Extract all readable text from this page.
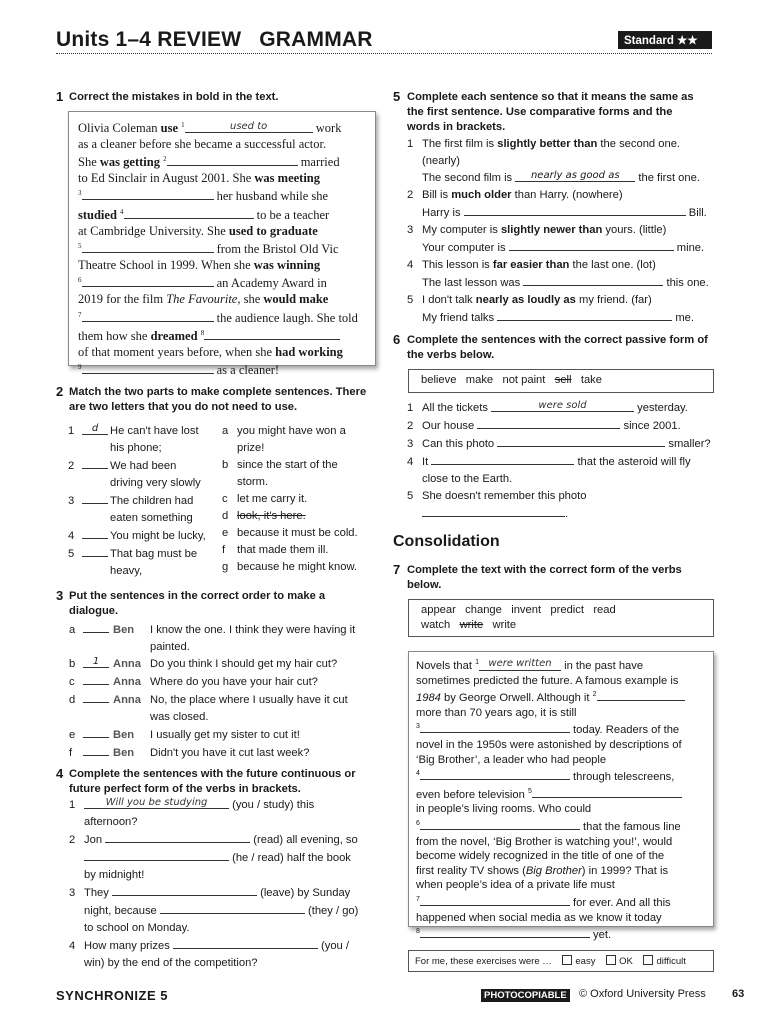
Units 1–4 REVIEW GRAMMAR	Standard ★★
1 Correct the mistakes in bold in the text.
Olivia Coleman use $^1$	$^{used to}$	work
as a cleaner before she became a successful actor.
She was getting $^2$	married
to Ed Sinclair in August 2001. She was meeting
$^3$	her husband while she
studied $^4$	to be a teacher
at Cambridge University. She used to graduate
$^5$	from the Bristol Old Vic
Theatre School in 1999. When she was winning
$^6$	an Academy Award in
2019 for the film The Favourite, she would make
$^7$	the audience laugh. She told
them how she dreamed $^8$
of that moment years before, when she had working
$^9$	as a cleaner!
2 Match the two parts to make complete sentences. There are two letters that you do not need to use.
1 d He can't have lost
his phone;
2	We had been
driving very slowly
3	The children had
eaten something
4	You might be lucky,
5	That bag must be
heavy,
a you might have won a
prize!
b since the start of the
storm.
c let me carry it.
d look, it's here.
e because it must be cold.
f that made them ill.
g because he might know.
3 Put the sentences in the correct order to make a dialogue.
a	Ben I know the one. I think they were having it
painted.
b 1 Anna Do you think I should get my hair cut?
c	Anna Where do you have your hair cut?
d	Anna No, the place where I usually have it cut
was closed.
e	Ben I usually get my sister to cut it!
f	Ben Didn't you have it cut last week?
4 Complete the sentences with the future continuous or future perfect form of the verbs in brackets.
1	Will you be studying (you / study) this
afternoon?
2 Jon	(read) all evening, so
(he / read) half the book
by midnight!
3 They	(leave) by Sunday
night, because	(they / go)
to school on Monday.
4 How many prizes	(you /
win) by the end of the competition?
5 Complete each sentence so that it means the same as the first sentence. Use comparative forms and the words in brackets.
1 The first film is slightly better than the second one.
(nearly)
The second film is nearly as good as the first one.
2 Bill is much older than Harry. (nowhere)
Harry is	Bill.
3 My computer is slightly newer than yours. (little)
Your computer is	mine.
4 This lesson is far easier than the last one. (lot)
The last lesson was	this one.
5 I don't talk nearly as loudly as my friend. (far)
My friend talks	me.
6 Complete the sentences with the correct passive form of the verbs below.
believe make not paint sell take
1 All the tickets	were sold	yesterday.
2 Our house	since 2001.
3 Can this photo	smaller?
4 It	that the asteroid will fly
close to the Earth.
5 She doesn't remember this photo
.
Consolidation
7 Complete the text with the correct form of the verbs below.
appear change invent predict read
watch write write
Novels that $^1$ were written in the past have
sometimes predicted the future. A famous example is
1984 by George Orwell. Although it $^2$
more than 70 years ago, it is still
$^3$	today. Readers of the
novel in the 1950s were astonished by descriptions of
‘Big Brother’, a leader who had people
$^4$	through telescreens,
even before television $^5$
in people’s living rooms. Who could
$^6$	that the famous line
from the novel, ‘Big Brother is watching you!’, would
become widely recognized in the title of one of the
first reality TV shows (Big Brother) in 1999? That is
when people’s idea of a private life must
$^7$	for ever. And all this
happened when social media as we know it today
$^8$	yet.
For me, these exercises were … easy OK difficult
SYNCHRONIZE 5	PHOTOCOPIABLE © Oxford University Press 63
